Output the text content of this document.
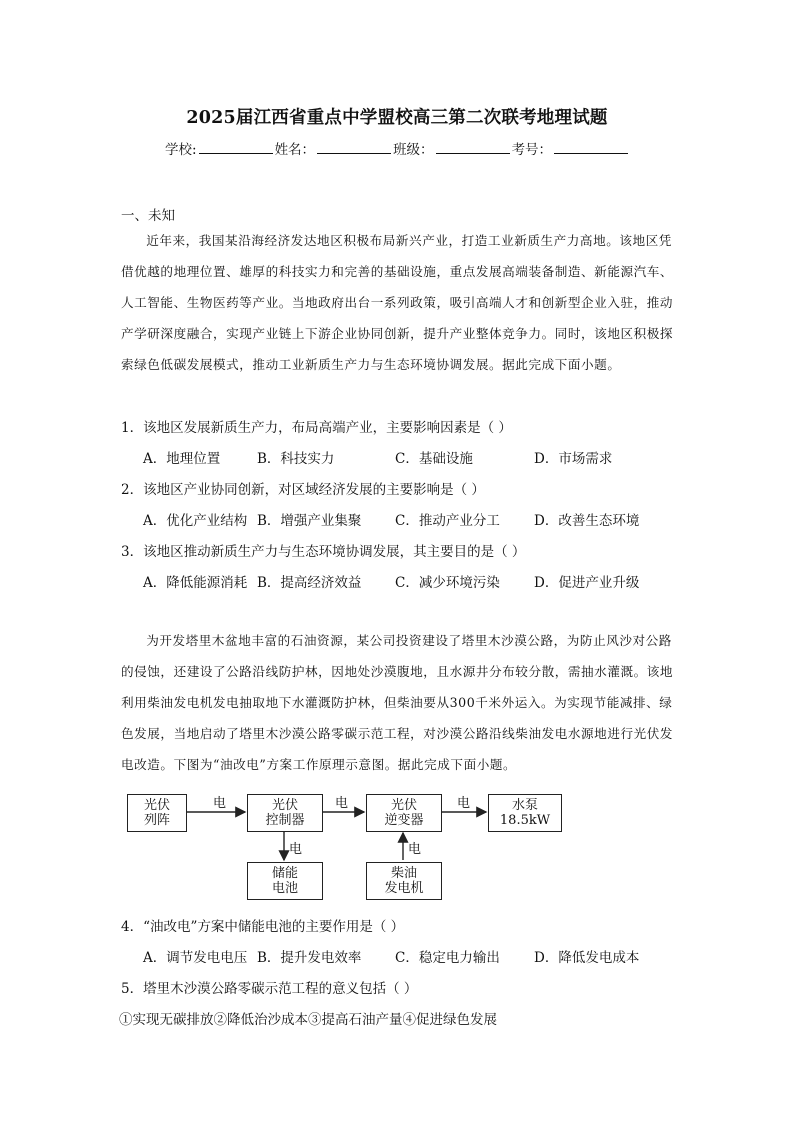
2025届江西省重点中学盟校高三第二次联考地理试题
学校:	姓名：	班级：	考号：
一、未知

近年来，我国某沿海经济发达地区积极布局新兴产业，打造工业新质生产力高地。该地区凭借优越的地理位置、雄厚的科技实力和完善的基础设施，重点发展高端装备制造、新能源汽车、人工智能、生物医药等产业。当地政府出台一系列政策，吸引高端人才和创新型企业入驻，推动产学研深度融合，实现产业链上下游企业协同创新，提升产业整体竞争力。同时，该地区积极探索绿色低碳发展模式，推动工业新质生产力与生态环境协调发展。据此完成下面小题。

1．该地区发展新质生产力，布局高端产业，主要影响因素是（ ）
A．地理位置	B．科技实力	C．基础设施	D．市场需求
2．该地区产业协同创新，对区域经济发展的主要影响是（ ）
A．优化产业结构 B．增强产业集聚 C．推动产业分工	D．改善生态环境
3．该地区推动新质生产力与生态环境协调发展，其主要目的是（ ）
A．降低能源消耗 B．提高经济效益 C．减少环境污染	D．促进产业升级

为开发塔里木盆地丰富的石油资源，某公司投资建设了塔里木沙漠公路，为防止风沙对公路的侵蚀，还建设了公路沿线防护林，因地处沙漠腹地，且水源井分布较分散，需抽水灌溉。该地利用柴油发电机发电抽取地下水灌溉防护林，但柴油要从300千米外运入。为实现节能减排、绿色发展，当地启动了塔里木沙漠公路零碳示范工程，对沙漠公路沿线柴油发电水源地进行光伏发电改造。下图为“油改电”方案工作原理示意图。据此完成下面小题。

电	电	电
电	电
光伏
列阵
光伏
控制器
光伏
逆变器
水泵
18.5kW
储能
电池
柴油
发电机
4．“油改电”方案中储能电池的主要作用是（ ）
A．调节发电电压 B．提升发电效率 C．稳定电力输出	D．降低发电成本
5．塔里木沙漠公路零碳示范工程的意义包括（ ）
①实现无碳排放②降低治沙成本③提高石油产量④促进绿色发展
